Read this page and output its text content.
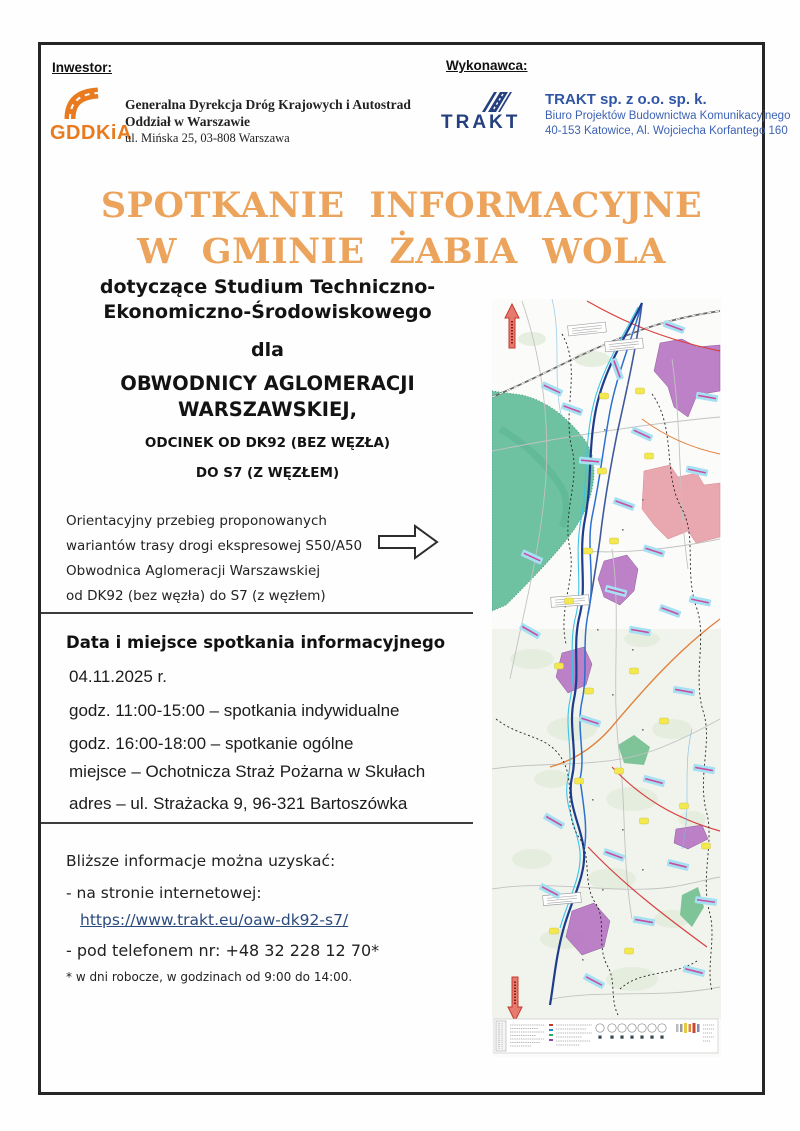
Inwestor:
GDDKiA
Generalna Dyrekcja Dróg Krajowych i Autostrad
Oddział w Warszawie
ul. Mińska 25, 03-808 Warszawa
Wykonawca:
TRAKT
TRAKT sp. z o.o. sp. k.
Biuro Projektów Budownictwa Komunikacyjnego
40-153 Katowice, Al. Wojciecha Korfantego 160
SPOTKANIE INFORMACYJNE
W GMINIE ŻABIA WOLA
dotyczące Studium Techniczno-
Ekonomiczno-Środowiskowego
dla
OBWODNICY AGLOMERACJI
WARSZAWSKIEJ,
ODCINEK OD DK92 (BEZ WĘZŁA)
DO S7 (Z WĘZŁEM)
Orientacyjny przebieg proponowanych
wariantów trasy drogi ekspresowej S50/A50
Obwodnica Aglomeracji Warszawskiej
od DK92 (bez węzła) do S7 (z węzłem)
Data i miejsce spotkania informacyjnego
04.11.2025 r.
godz. 11:00-15:00 – spotkania indywidualne
godz. 16:00-18:00 – spotkanie ogólne
miejsce – Ochotnicza Straż Pożarna w Skułach
adres – ul. Strażacka 9, 96-321 Bartoszówka
Bliższe informacje można uzyskać:
- na stronie internetowej:
https://www.trakt.eu/oaw-dk92-s7/
- pod telefonem nr: +48 32 228 12 70*
* w dni robocze, w godzinach od 9:00 do 14:00.
